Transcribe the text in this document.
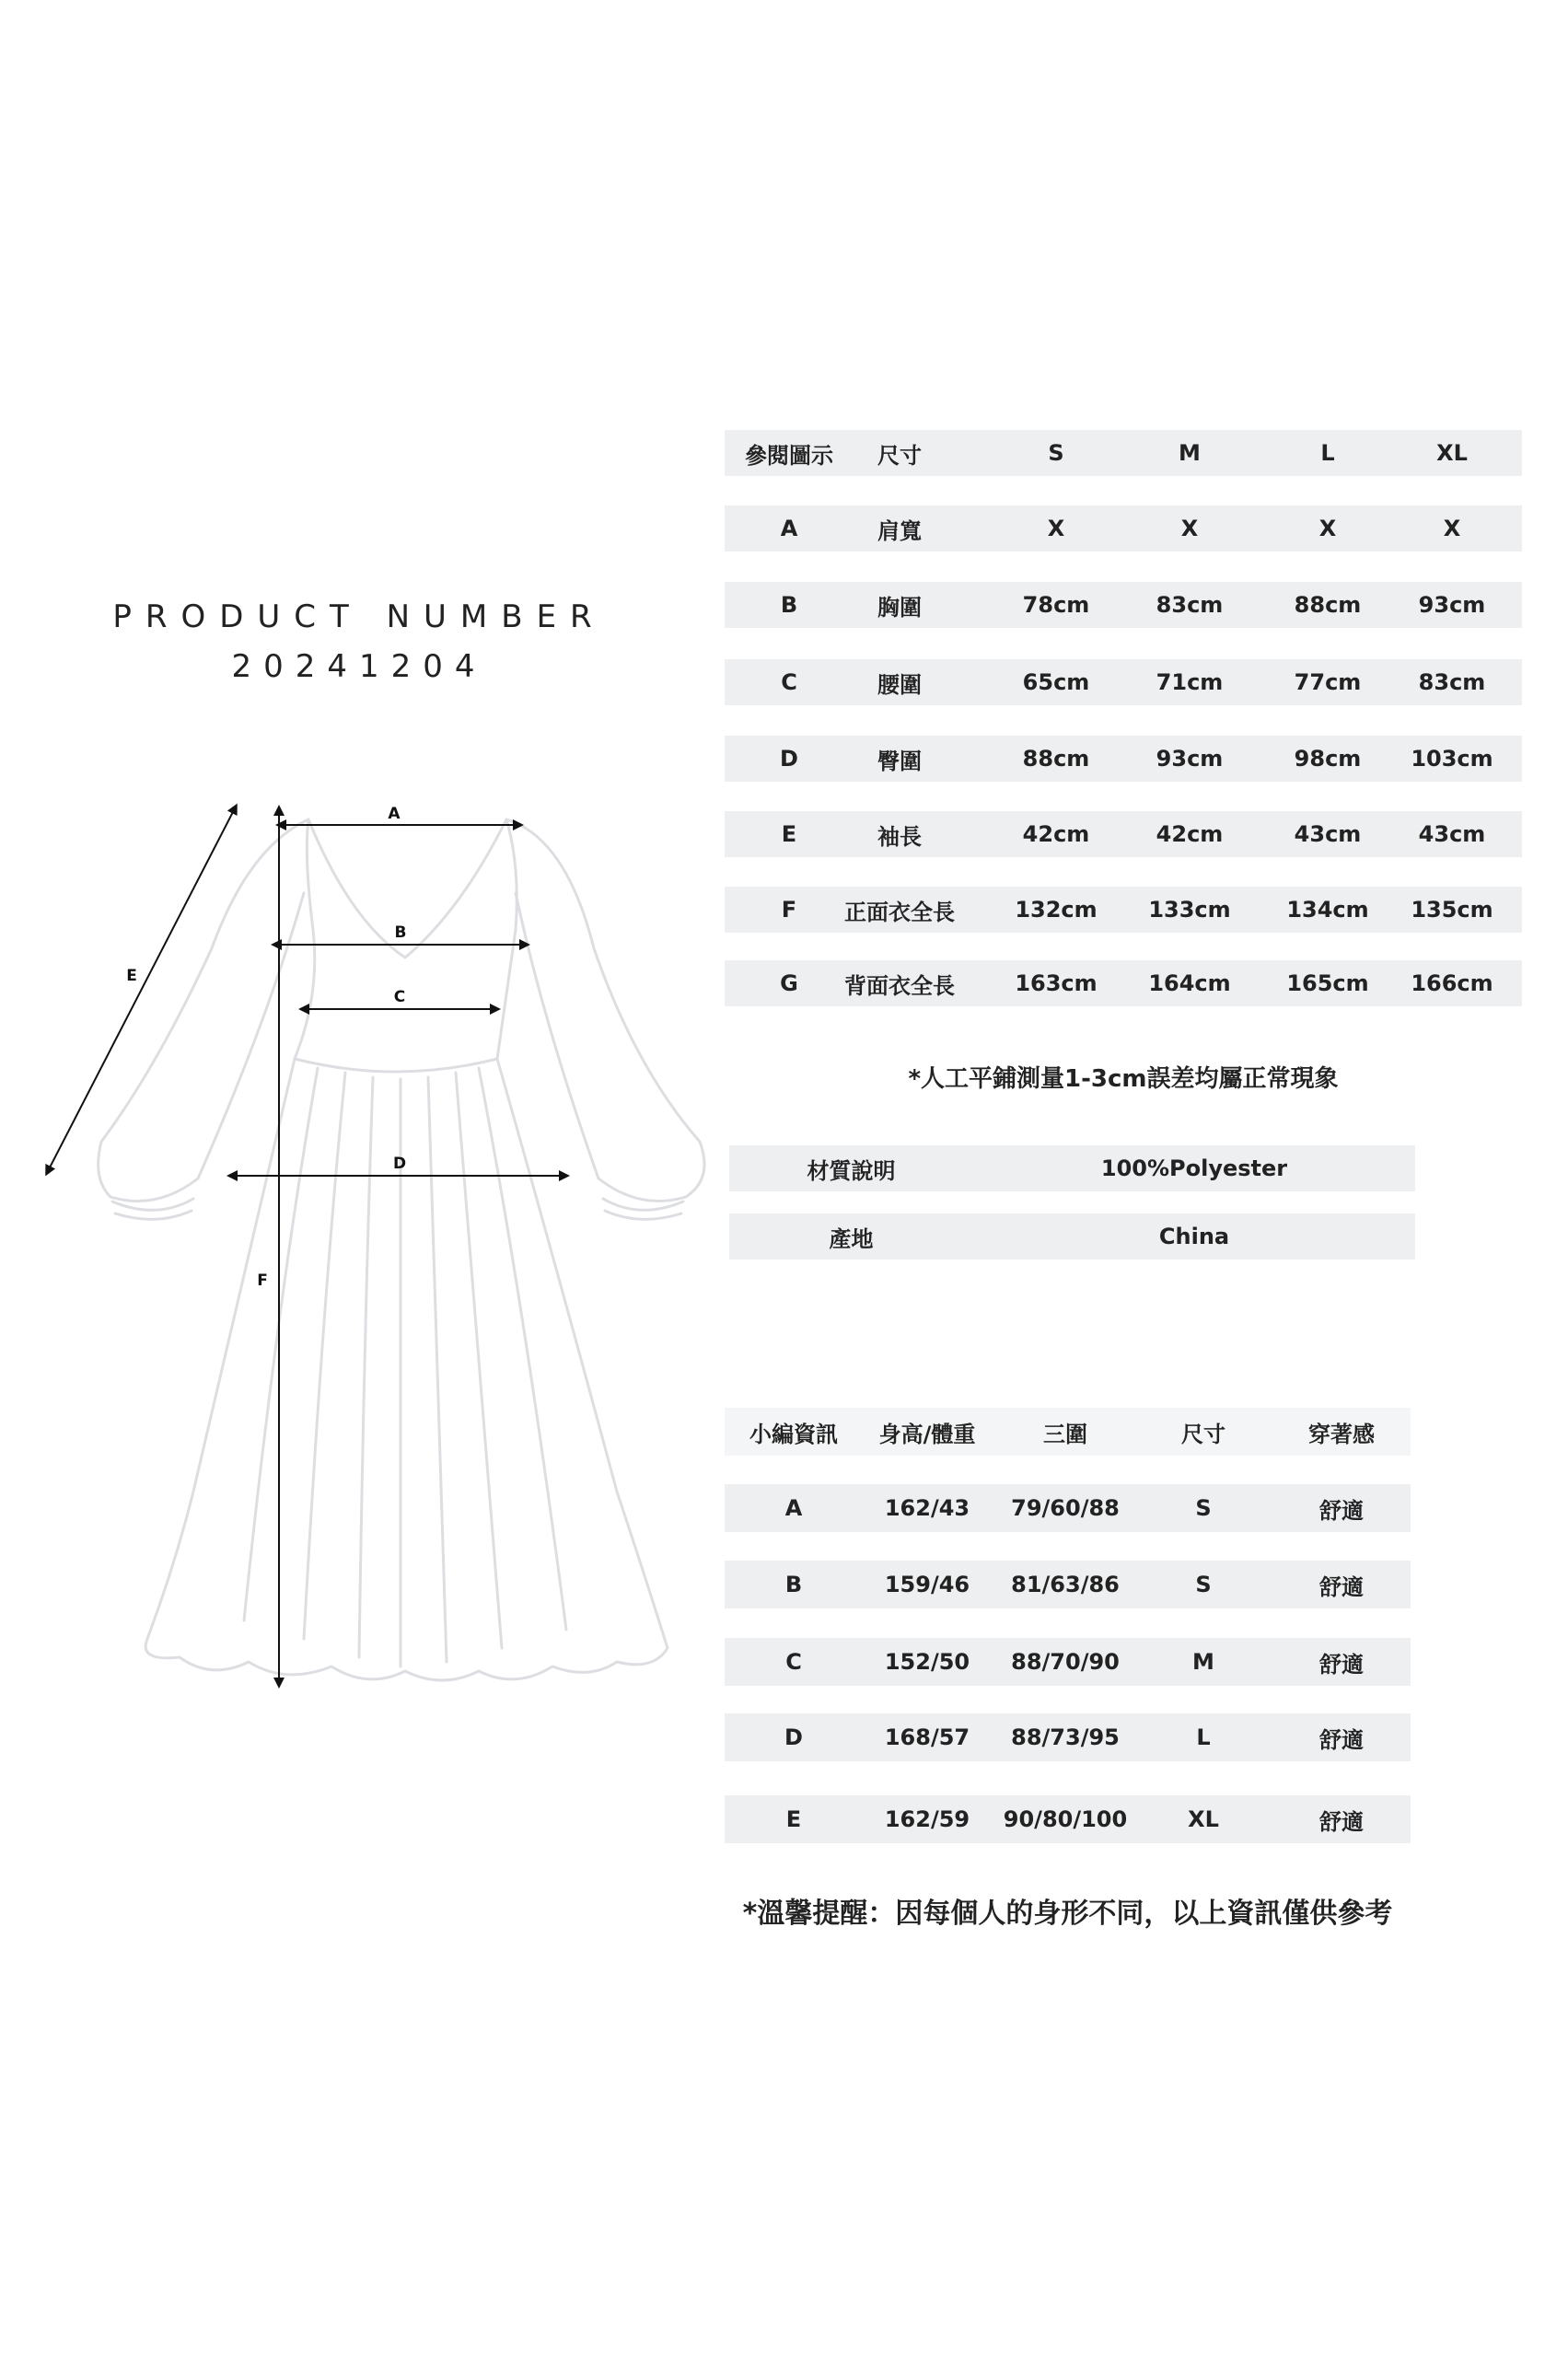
PRODUCT NUMBER
20241204
A
B
C
D
E
F
參閱圖示	尺寸	S	M	L	XL
A	肩寬	X	X	X	X
B	胸圍	78cm	83cm	88cm	93cm
C	腰圍	65cm	71cm	77cm	83cm
D	臀圍	88cm	93cm	98cm	103cm
E	袖長	42cm	42cm	43cm	43cm
F	正面衣全長	132cm	133cm	134cm	135cm
G	背面衣全長	163cm	164cm	165cm	166cm
*人工平鋪測量1-3cm誤差均屬正常現象
材質說明	100%Polyester
產地	China
小編資訊	身高/體重	三圍	尺寸	穿著感
A	162/43	79/60/88	S	舒適
B	159/46	81/63/86	S	舒適
C	152/50	88/70/90	M	舒適
D	168/57	88/73/95	L	舒適
E	162/59	90/80/100	XL	舒適
*溫馨提醒：因每個人的身形不同，以上資訊僅供參考
